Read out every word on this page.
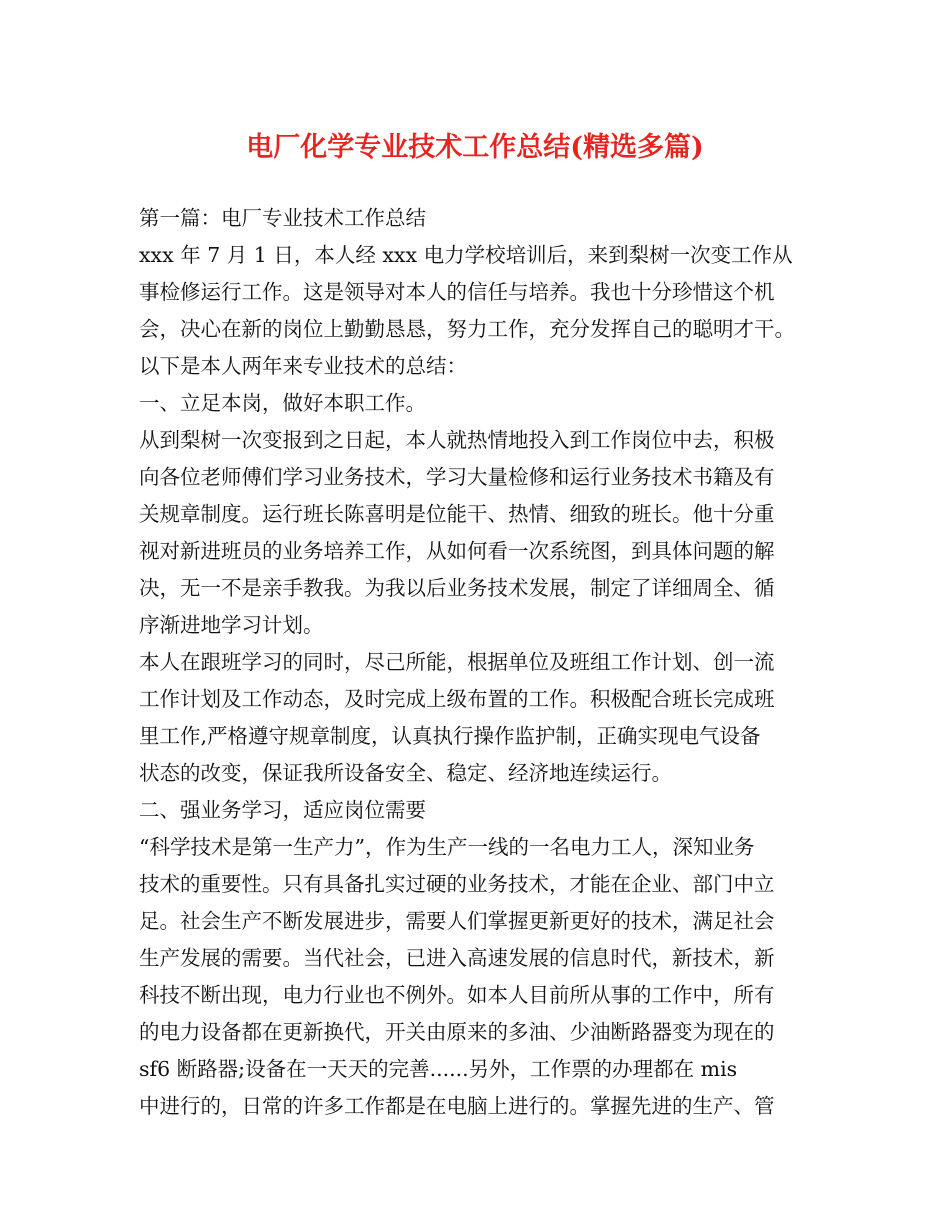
电厂化学专业技术工作总结(精选多篇)
第一篇：电厂专业技术工作总结
xxx 年 7 月 1 日，本人经 xxx 电力学校培训后，来到梨树一次变工作从
事检修运行工作。这是领导对本人的信任与培养。我也十分珍惜这个机
会，决心在新的岗位上勤勤恳恳，努力工作，充分发挥自己的聪明才干。
以下是本人两年来专业技术的总结：
一、立足本岗，做好本职工作。
从到梨树一次变报到之日起，本人就热情地投入到工作岗位中去，积极
向各位老师傅们学习业务技术，学习大量检修和运行业务技术书籍及有
关规章制度。运行班长陈喜明是位能干、热情、细致的班长。他十分重
视对新进班员的业务培养工作，从如何看一次系统图，到具体问题的解
决，无一不是亲手教我。为我以后业务技术发展，制定了详细周全、循
序渐进地学习计划。
本人在跟班学习的同时，尽己所能，根据单位及班组工作计划、创一流
工作计划及工作动态，及时完成上级布置的工作。积极配合班长完成班
里工作,严格遵守规章制度，认真执行操作监护制，正确实现电气设备
状态的改变，保证我所设备安全、稳定、经济地连续运行。
二、强业务学习，适应岗位需要
“科学技术是第一生产力”，作为生产一线的一名电力工人，深知业务
技术的重要性。只有具备扎实过硬的业务技术，才能在企业、部门中立
足。社会生产不断发展进步，需要人们掌握更新更好的技术，满足社会
生产发展的需要。当代社会，已进入高速发展的信息时代，新技术，新
科技不断出现，电力行业也不例外。如本人目前所从事的工作中，所有
的电力设备都在更新换代，开关由原来的多油、少油断路器变为现在的
sf6 断路器;设备在一天天的完善......另外，工作票的办理都在 mis
中进行的，日常的许多工作都是在电脑上进行的。掌握先进的生产、管
